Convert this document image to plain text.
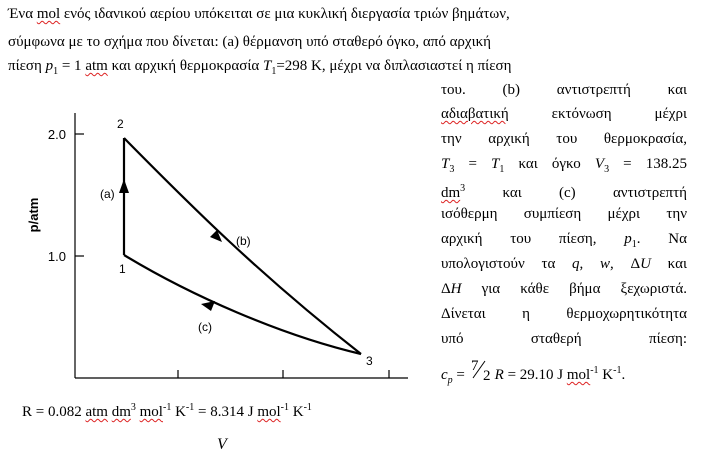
Ένα mol ενός ιδανικού αερίου υπόκειται σε μια κυκλική διεργασία τριών βημάτων,
σύμφωνα με το σχήμα που δίνεται: (a) θέρμανση υπό σταθερό όγκο, από αρχική
πίεση $p_1 = 1$ atm και αρχική θερμοκρασία $T_1=298$ K, μέχρι να διπλασιαστεί η πίεση
του. (b) αντιστρεπτή και
αδιαβατική εκτόνωση μέχρι
την αρχική του θερμοκρασία,
$T_3 = T_1$ και όγκο $V_3 = 138.25$
$dm^3$ και (c) αντιστρεπτή
ισόθερμη συμπίεση μέχρι την
αρχική του πίεση, $p_1$. Να
υπολογιστούν τα q, w, ΔU και
ΔH για κάθε βήμα ξεχωριστά.
Δίνεται η θερμοχωρητικότητα
υπό σταθερή πίεση:
$c_p$ =
7
2 R = 29.10 J mol$^{-1}$ $K^{-1}$.
p/atm
2.0
1.0
2
1
3
(a)
(b)
(c)
R = 0.082 atm $dm^3$ mol$^{-1}$ $K^{-1} = 8.314$ J mol$^{-1}$ $K^{-1}$
V
